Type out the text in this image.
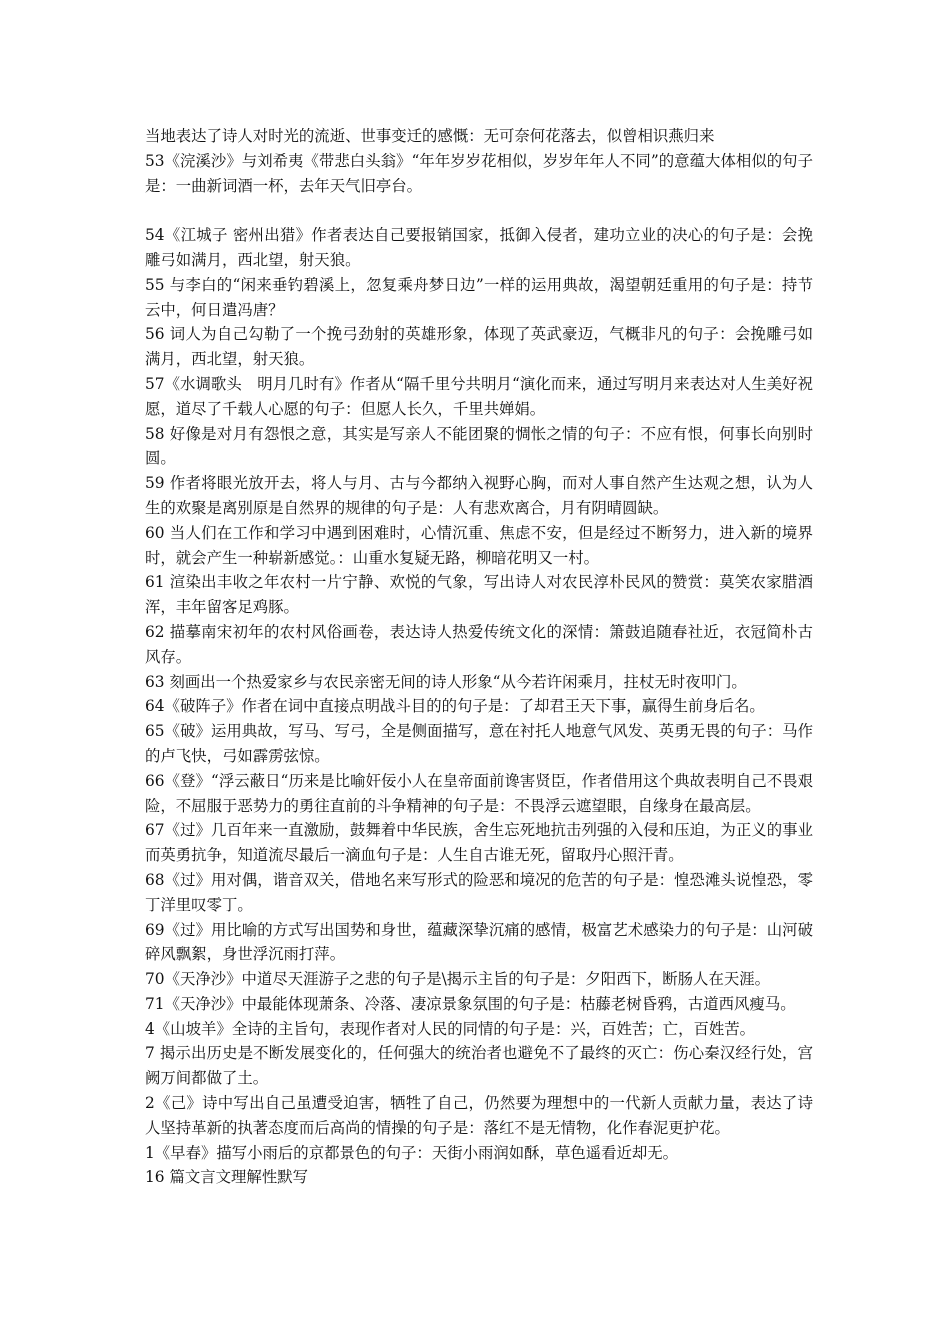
当地表达了诗人对时光的流逝、世事变迁的感慨：无可奈何花落去，似曾相识燕归来

53《浣溪沙》与刘希夷《带悲白头翁》“年年岁岁花相似，岁岁年年人不同”的意蕴大体相似的句子是：一曲新词酒一杯，去年天气旧亭台。

54《江城子 密州出猎》作者表达自己要报销国家，抵御入侵者，建功立业的决心的句子是：会挽雕弓如满月，西北望，射天狼。

55 与李白的“闲来垂钓碧溪上，忽复乘舟梦日边”一样的运用典故，渴望朝廷重用的句子是：持节云中，何日遣冯唐？

56 词人为自己勾勒了一个挽弓劲射的英雄形象，体现了英武豪迈，气概非凡的句子：会挽雕弓如满月，西北望，射天狼。

57《水调歌头　明月几时有》作者从“隔千里兮共明月“演化而来，通过写明月来表达对人生美好祝愿，道尽了千载人心愿的句子：但愿人长久，千里共婵娟。

58 好像是对月有怨恨之意，其实是写亲人不能团聚的惆怅之情的句子：不应有恨，何事长向别时圆。

59 作者将眼光放开去，将人与月、古与今都纳入视野心胸，而对人事自然产生达观之想，认为人生的欢聚是离别原是自然界的规律的句子是：人有悲欢离合，月有阴晴圆缺。

60 当人们在工作和学习中遇到困难时，心情沉重、焦虑不安，但是经过不断努力，进入新的境界时，就会产生一种崭新感觉。：山重水复疑无路，柳暗花明又一村。

61 渲染出丰收之年农村一片宁静、欢悦的气象，写出诗人对农民淳朴民风的赞赏：莫笑农家腊酒浑，丰年留客足鸡豚。

62 描摹南宋初年的农村风俗画卷，表达诗人热爱传统文化的深情：箫鼓追随春社近，衣冠简朴古风存。

63 刻画出一个热爱家乡与农民亲密无间的诗人形象“从今若许闲乘月，拄杖无时夜叩门。

64《破阵子》作者在词中直接点明战斗目的的句子是：了却君王天下事，赢得生前身后名。

65《破》运用典故，写马、写弓，全是侧面描写，意在衬托人地意气风发、英勇无畏的句子：马作的卢飞快，弓如霹雳弦惊。

66《登》“浮云蔽日“历来是比喻奸佞小人在皇帝面前谗害贤臣，作者借用这个典故表明自己不畏艰险，不屈服于恶势力的勇往直前的斗争精神的句子是：不畏浮云遮望眼，自缘身在最高层。

67《过》几百年来一直激励，鼓舞着中华民族，舍生忘死地抗击列强的入侵和压迫，为正义的事业而英勇抗争，知道流尽最后一滴血句子是：人生自古谁无死，留取丹心照汗青。

68《过》用对偶，谐音双关，借地名来写形式的险恶和境况的危苦的句子是：惶恐滩头说惶恐，零丁洋里叹零丁。

69《过》用比喻的方式写出国势和身世，蕴藏深挚沉痛的感情，极富艺术感染力的句子是：山河破碎风飘絮，身世浮沉雨打萍。

70《天净沙》中道尽天涯游子之悲的句子是\揭示主旨的句子是：夕阳西下，断肠人在天涯。

71《天净沙》中最能体现萧条、冷落、凄凉景象氛围的句子是：枯藤老树昏鸦，古道西风瘦马。

4《山坡羊》全诗的主旨句，表现作者对人民的同情的句子是：兴，百姓苦；亡，百姓苦。

7 揭示出历史是不断发展变化的，任何强大的统治者也避免不了最终的灭亡：伤心秦汉经行处，宫阙万间都做了土。

2《己》诗中写出自己虽遭受迫害，牺牲了自己，仍然要为理想中的一代新人贡献力量，表达了诗人坚持革新的执著态度而后高尚的情操的句子是：落红不是无情物，化作春泥更护花。

1《早春》描写小雨后的京都景色的句子：天街小雨润如酥，草色遥看近却无。

16 篇文言文理解性默写
